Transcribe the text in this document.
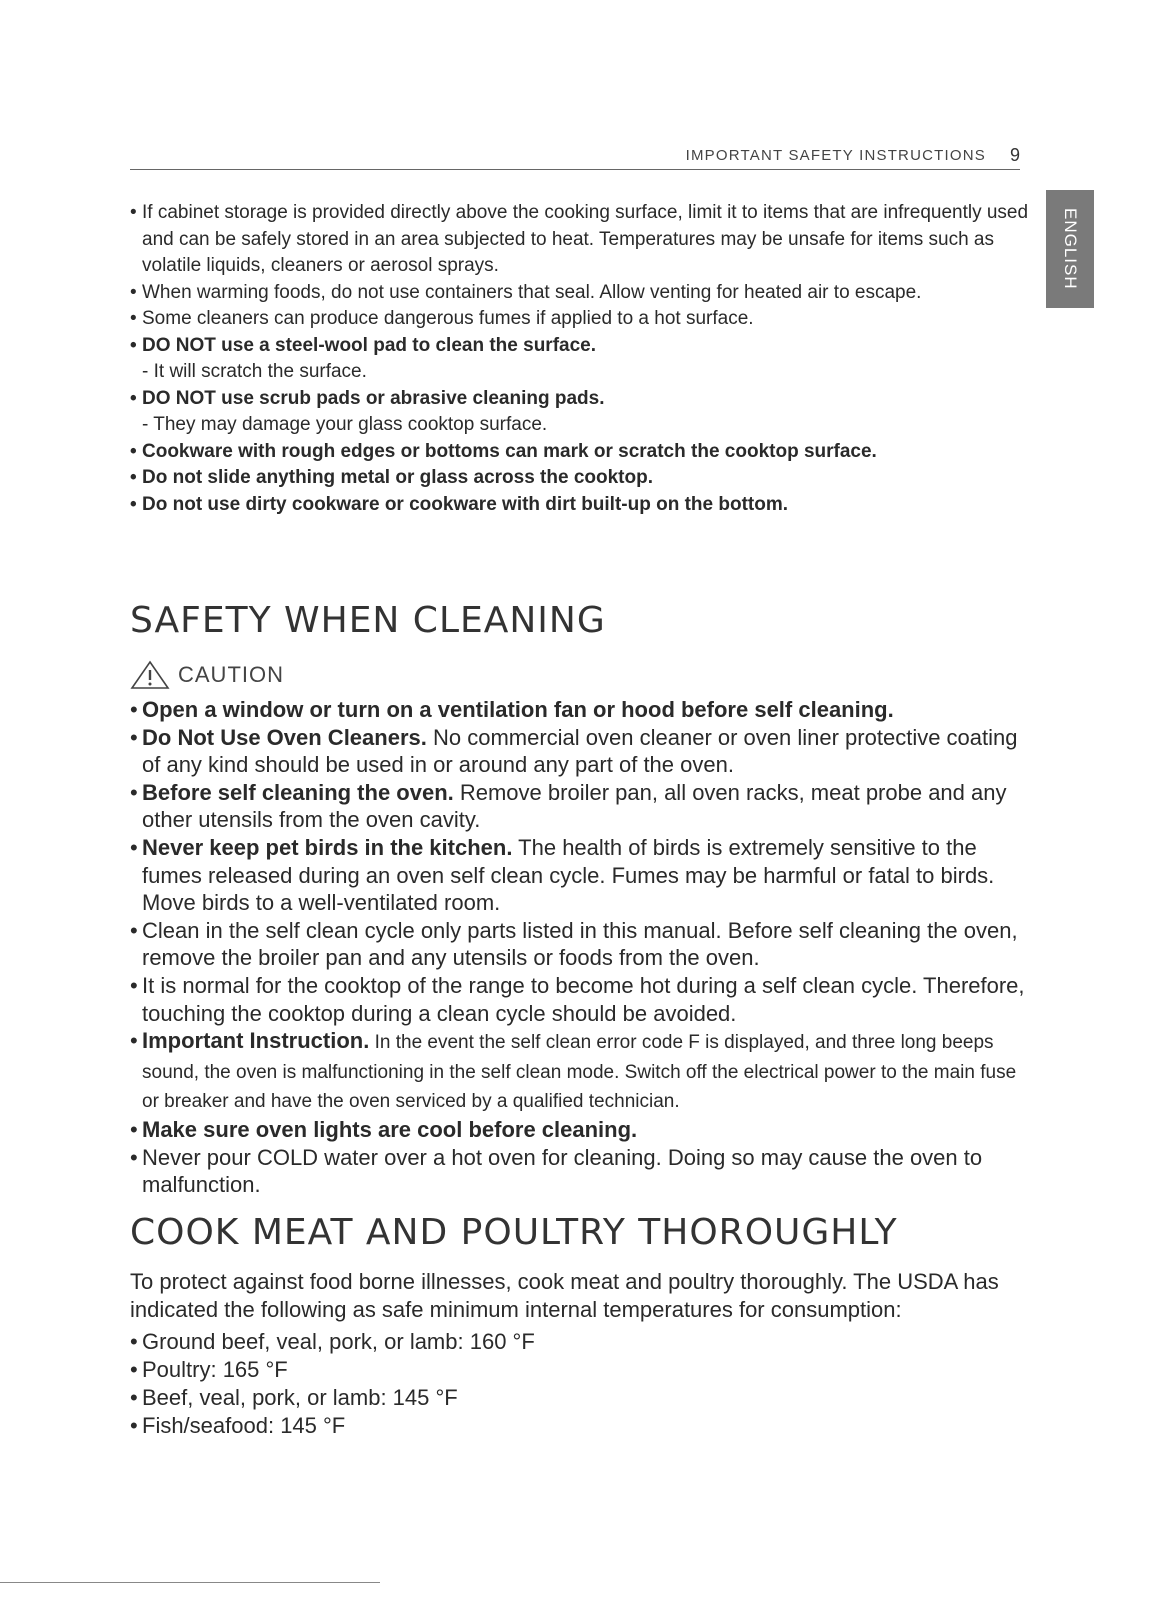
IMPORTANT SAFETY INSTRUCTIONS 9
ENGLISH
• If cabinet storage is provided directly above the cooking surface, limit it to items that are infrequently used and can be safely stored in an area subjected to heat. Temperatures may be unsafe for items such as volatile liquids, cleaners or aerosol sprays.
• When warming foods, do not use containers that seal. Allow venting for heated air to escape.
• Some cleaners can produce dangerous fumes if applied to a hot surface.
• DO NOT use a steel-wool pad to clean the surface.
- It will scratch the surface.
• DO NOT use scrub pads or abrasive cleaning pads.
- They may damage your glass cooktop surface.
• Cookware with rough edges or bottoms can mark or scratch the cooktop surface.
• Do not slide anything metal or glass across the cooktop.
• Do not use dirty cookware or cookware with dirt built-up on the bottom.
SAFETY WHEN CLEANING
CAUTION
• Open a window or turn on a ventilation fan or hood before self cleaning.
• Do Not Use Oven Cleaners. No commercial oven cleaner or oven liner protective coating of any kind should be used in or around any part of the oven.
• Before self cleaning the oven. Remove broiler pan, all oven racks, meat probe and any other utensils from the oven cavity.
• Never keep pet birds in the kitchen. The health of birds is extremely sensitive to the fumes released during an oven self clean cycle. Fumes may be harmful or fatal to birds. Move birds to a well-ventilated room.
• Clean in the self clean cycle only parts listed in this manual. Before self cleaning the oven, remove the broiler pan and any utensils or foods from the oven.
• It is normal for the cooktop of the range to become hot during a self clean cycle. Therefore, touching the cooktop during a clean cycle should be avoided.
• Important Instruction. In the event the self clean error code F is displayed, and three long beeps sound, the oven is malfunctioning in the self clean mode. Switch off the electrical power to the main fuse or breaker and have the oven serviced by a qualified technician.
• Make sure oven lights are cool before cleaning.
• Never pour COLD water over a hot oven for cleaning. Doing so may cause the oven to malfunction.
COOK MEAT AND POULTRY THOROUGHLY

To protect against food borne illnesses, cook meat and poultry thoroughly. The USDA has indicated the following as safe minimum internal temperatures for consumption:

• Ground beef, veal, pork, or lamb: 160 °F
• Poultry: 165 °F
• Beef, veal, pork, or lamb: 145 °F
• Fish/seafood: 145 °F
